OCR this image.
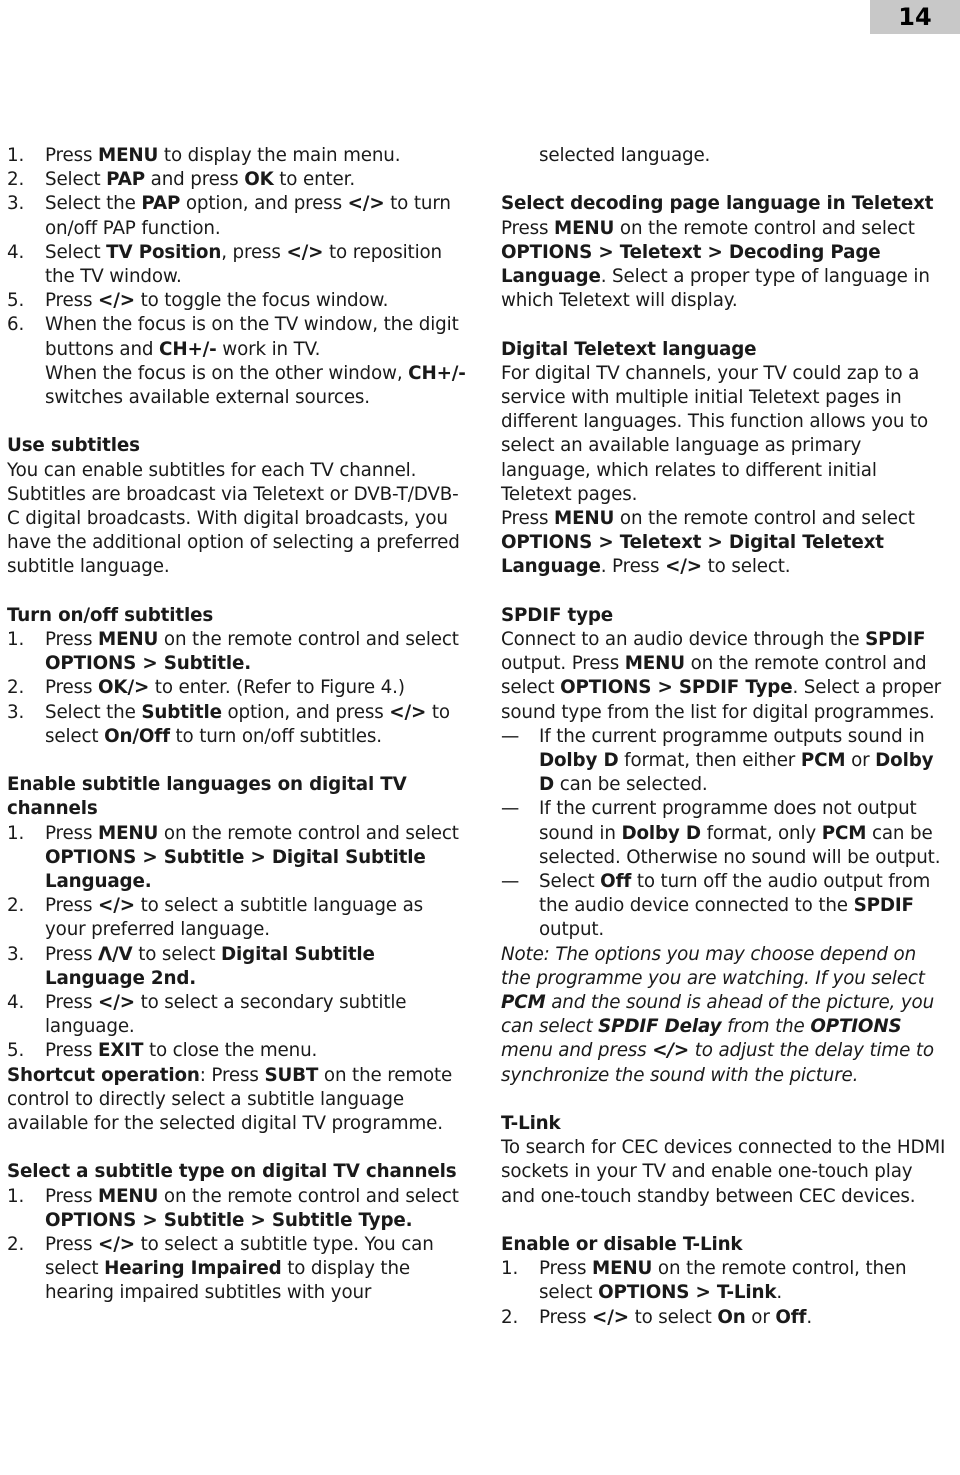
14

1. Press MENU to display the main menu.

2. Select PAP and press OK to enter.

3. Select the PAP option, and press </> to turn on/off PAP function.

4. Select TV Position, press </> to reposition the TV window.

5. Press </> to toggle the focus window.

6. When the focus is on the TV window, the digit buttons and CH+/- work in TV.

When the focus is on the other window, CH+/- switches available external sources.

Use subtitles

You can enable subtitles for each TV channel. Subtitles are broadcast via Teletext or DVB-T/DVB-C digital broadcasts. With digital broadcasts, you have the additional option of selecting a preferred subtitle language.

Turn on/off subtitles

1. Press MENU on the remote control and select OPTIONS > Subtitle.

2. Press OK/> to enter. (Refer to Figure 4.)

3. Select the Subtitle option, and press </> to select On/Off to turn on/off subtitles.

Enable subtitle languages on digital TV channels

1. Press MENU on the remote control and select OPTIONS > Subtitle > Digital Subtitle Language.

2. Press </> to select a subtitle language as your preferred language.

3. Press Λ/V to select Digital Subtitle Language 2nd.

4. Press </> to select a secondary subtitle language.

5. Press EXIT to close the menu.

Shortcut operation: Press SUBT on the remote control to directly select a subtitle language available for the selected digital TV programme.

Select a subtitle type on digital TV channels

1. Press MENU on the remote control and select OPTIONS > Subtitle > Subtitle Type.

2. Press </> to select a subtitle type. You can select Hearing Impaired to display the hearing impaired subtitles with your

selected language.

Select decoding page language in Teletext

Press MENU on the remote control and select OPTIONS > Teletext > Decoding Page Language. Select a proper type of language in which Teletext will display.

Digital Teletext language

For digital TV channels, your TV could zap to a service with multiple initial Teletext pages in different languages. This function allows you to select an available language as primary language, which relates to different initial Teletext pages.

Press MENU on the remote control and select OPTIONS > Teletext > Digital Teletext Language. Press </> to select.

SPDIF type

Connect to an audio device through the SPDIF output. Press MENU on the remote control and select OPTIONS > SPDIF Type. Select a proper sound type from the list for digital programmes.

— If the current programme outputs sound in Dolby D format, then either PCM or Dolby D can be selected.

— If the current programme does not output sound in Dolby D format, only PCM can be selected. Otherwise no sound will be output.

— Select Off to turn off the audio output from the audio device connected to the SPDIF output.

Note: The options you may choose depend on the programme you are watching. If you select PCM and the sound is ahead of the picture, you can select SPDIF Delay from the OPTIONS menu and press </> to adjust the delay time to synchronize the sound with the picture.

T-Link

To search for CEC devices connected to the HDMI sockets in your TV and enable one-touch play and one-touch standby between CEC devices.

Enable or disable T-Link

1. Press MENU on the remote control, then select OPTIONS > T-Link.

2. Press </> to select On or Off.
